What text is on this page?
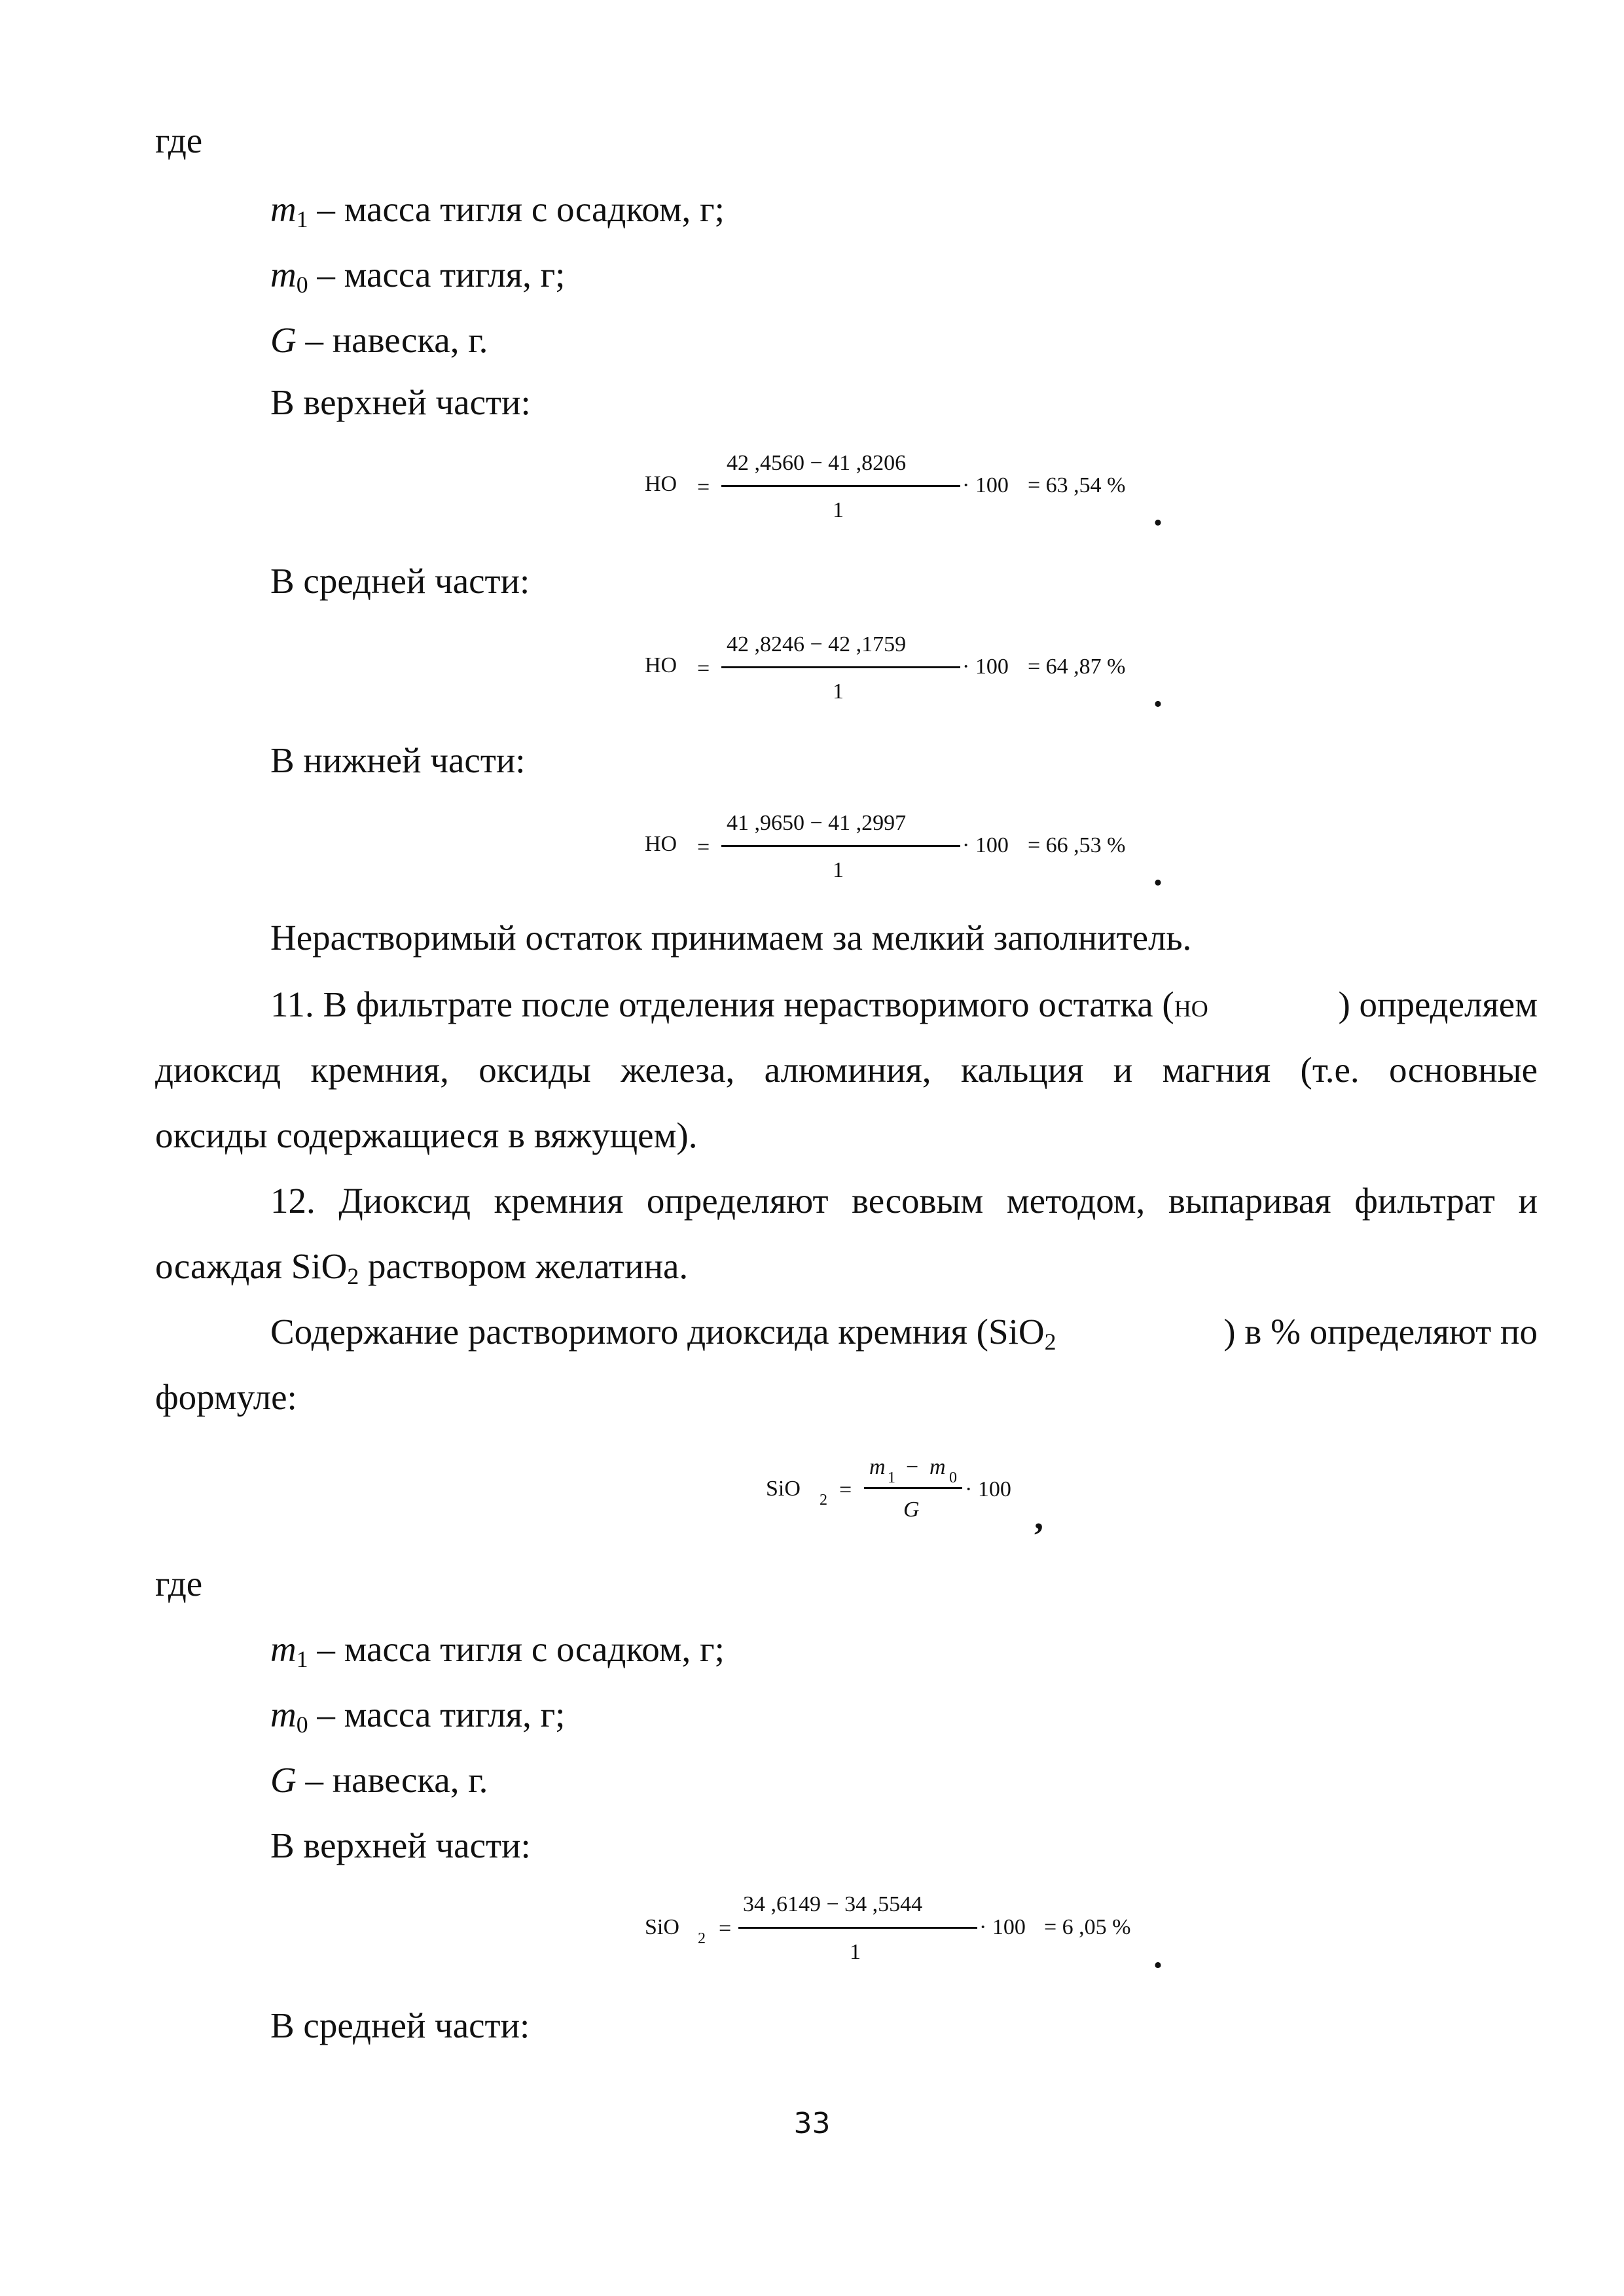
где
$m_1$ – масса тигля с осадком, г;
$m_0$ – масса тигля, г;
G – навеска, г.
В верхней части:
НО =
42 ,4560 − 41 ,8206
1
· 100 = 63 ,54 %
.
В средней части:
НО =
42 ,8246 − 42 ,1759
1
· 100 = 64 ,87 %
.
В нижней части:
НО =
41 ,9650 − 41 ,2997
1
· 100 = 66 ,53 %
.
Нерастворимый остаток принимаем за мелкий заполнитель.
11. В фильтрате после отделения нерастворимого остатка (НО	) определяем
диоксид кремния, оксиды железа, алюминия, кальция и магния (т.е. основные
оксиды содержащиеся в вяжущем).
12. Диоксид кремния определяют весовым методом, выпаривая фильтрат и
осаждая SiO$_2$ раствором желатина.
Содержание растворимого диоксида кремния (SiO$_2$	) в % определяют по
формуле:
SiO 2 =
m 1 − m 0
G
· 100
,
где
$m_1$ – масса тигля с осадком, г;
$m_0$ – масса тигля, г;
G – навеска, г.
В верхней части:
SiO 2 =
34 ,6149 − 34 ,5544
1
· 100 = 6 ,05 %
.
В средней части:
33
